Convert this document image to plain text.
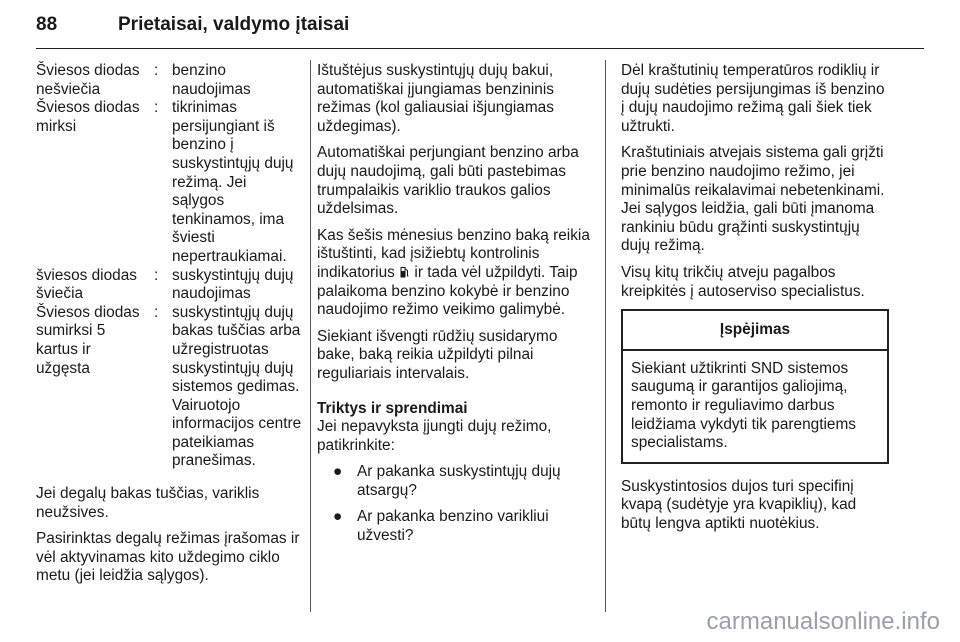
88	Prietaisai, valdymo įtaisai
Šviesos diodas nešviečia	:	benzino naudojimas
Šviesos diodas mirksi	:	tikrinimas persijungiant iš benzino į suskystintųjų dujų režimą. Jei sąlygos tenkinamos, ima šviesti nepertraukiamai.
šviesos diodas šviečia	:	suskystintųjų dujų naudojimas
Šviesos diodas sumirksi 5 kartus ir užgęsta	:	suskystintųjų dujų bakas tuščias arba užregistruotas suskystintųjų dujų sistemos gedimas. Vairuotojo informacijos centre pateikiamas pranešimas.

Jei degalų bakas tuščias, variklis neužsives.

Pasirinktas degalų režimas įrašomas ir vėl aktyvinamas kito uždegimo ciklo metu (jei leidžia sąlygos).

Ištuštėjus suskystintųjų dujų bakui, automatiškai įjungiamas benzininis režimas (kol galiausiai išjungiamas uždegimas).

Automatiškai perjungiant benzino arba dujų naudojimą, gali būti pastebimas trumpalaikis variklio traukos galios uždelsimas.

Kas šešis mėnesius benzino baką reikia ištuštinti, kad įsižiebtų kontrolinis indikatorius ir tada vėl užpildyti. Taip palaikoma benzino kokybė ir benzino naudojimo režimo veikimo galimybė.

Siekiant išvengti rūdžių susidarymo bake, baką reikia užpildyti pilnai reguliariais intervalais.

Triktys ir sprendimai

Jei nepavyksta įjungti dujų režimo, patikrinkite:

● Ar pakanka suskystintųjų dujų atsargų?
● Ar pakanka benzino varikliui užvesti?

Dėl kraštutinių temperatūros rodiklių ir dujų sudėties persijungimas iš benzino į dujų naudojimo režimą gali šiek tiek užtrukti.

Kraštutiniais atvejais sistema gali grįžti prie benzino naudojimo režimo, jei minimalūs reikalavimai nebetenkinami. Jei sąlygos leidžia, gali būti įmanoma rankiniu būdu grąžinti suskystintųjų dujų režimą.

Visų kitų trikčių atveju pagalbos kreipkitės į autoserviso specialistus.

Įspėjimas
Siekiant užtikrinti SND sistemos saugumą ir garantijos galiojimą, remonto ir reguliavimo darbus leidžiama vykdyti tik parengtiems specialistams.

Suskystintosios dujos turi specifinį kvapą (sudėtyje yra kvapiklių), kad būtų lengva aptikti nuotėkius.

carmanualsonline.info
